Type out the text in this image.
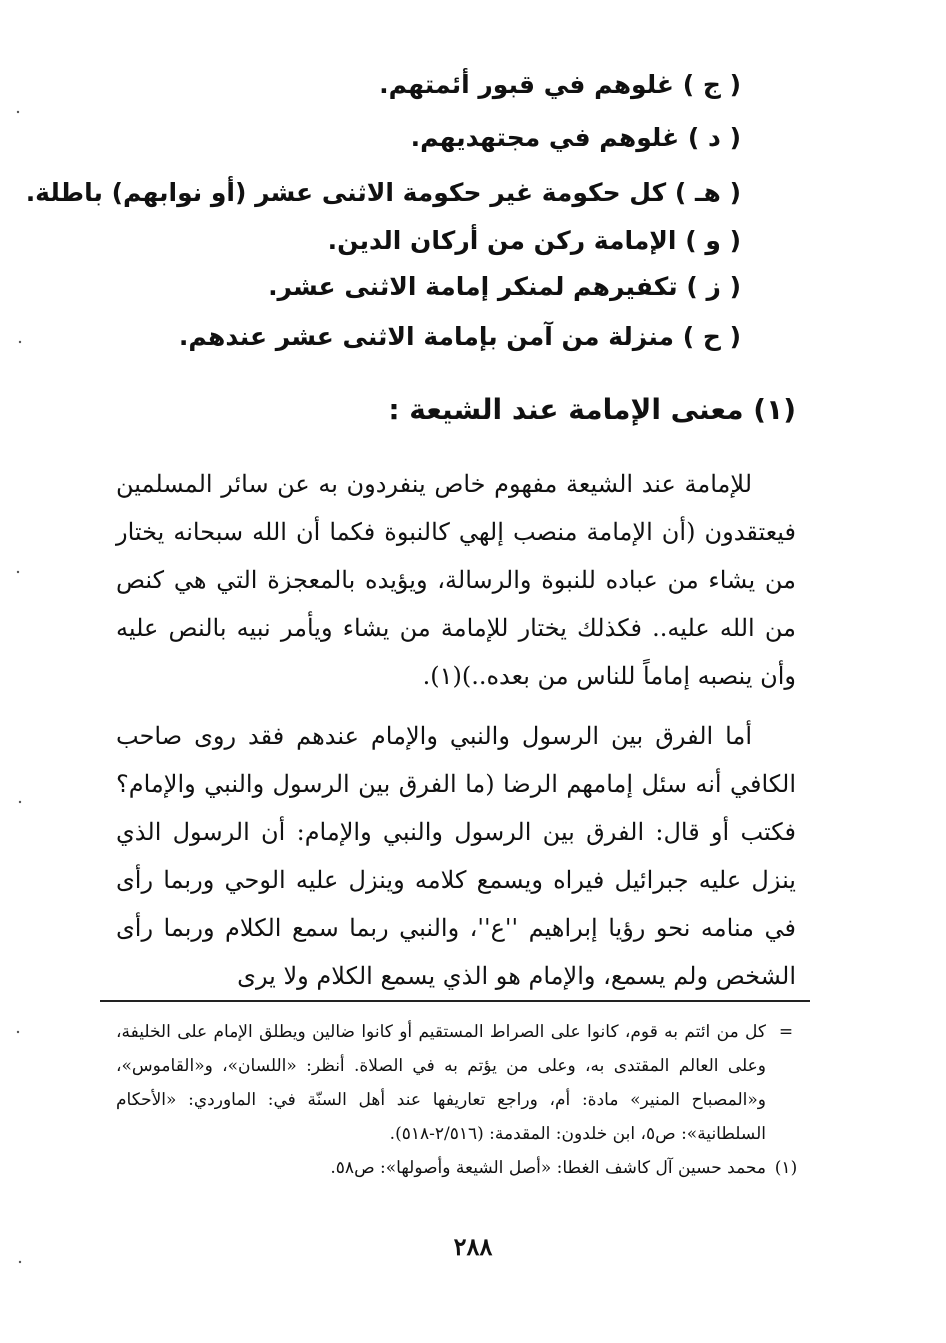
( ج ) غلوهم في قبور أئمتهم.
( د ) غلوهم في مجتهديهم.
( هـ ) كل حكومة غير حكومة الاثنى عشر (أو نوابهم) باطلة.
( و ) الإمامة ركن من أركان الدين.
( ز ) تكفيرهم لمنكر إمامة الاثنى عشر.
( ح ) منزلة من آمن بإمامة الاثنى عشر عندهم.
(١) معنى الإمامة عند الشيعة :

للإمامة عند الشيعة مفهوم خاص ينفردون به عن سائر المسلمين فيعتقدون (أن الإمامة منصب إلهي كالنبوة فكما أن الله سبحانه يختار من يشاء من عباده للنبوة والرسالة، ويؤيده بالمعجزة التي هي كنص من الله عليه.. فكذلك يختار للإمامة من يشاء ويأمر نبيه بالنص عليه وأن ينصبه إماماً للناس من بعده..)(١).

أما الفرق بين الرسول والنبي والإمام عندهم فقد روى صاحب الكافي أنه سئل إمامهم الرضا (ما الفرق بين الرسول والنبي والإمام؟ فكتب أو قال: الفرق بين الرسول والنبي والإمام: أن الرسول الذي ينزل عليه جبرائيل فيراه ويسمع كلامه وينزل عليه الوحي وربما رأى في منامه نحو رؤيا إبراهيم ''ع''، والنبي ربما سمع الكلام وربما رأى الشخص ولم يسمع، والإمام هو الذي يسمع الكلام ولا يرى

=
كل من ائتم به قوم، كانوا على الصراط المستقيم أو كانوا ضالين ويطلق الإمام على الخليفة، وعلى العالم المقتدى به، وعلى من يؤتم به في الصلاة. أنظر: «اللسان»، و«القاموس»، و«المصباح المنير» مادة: أم، وراجع تعاريفها عند أهل السنّة في: الماوردي: «الأحكام السلطانية»: ص٥، ابن خلدون: المقدمة: (٢/٥١٦-٥١٨).
(١)
محمد حسين آل كاشف الغطا: «أصل الشيعة وأصولها»: ص٥٨.
٢٨٨
